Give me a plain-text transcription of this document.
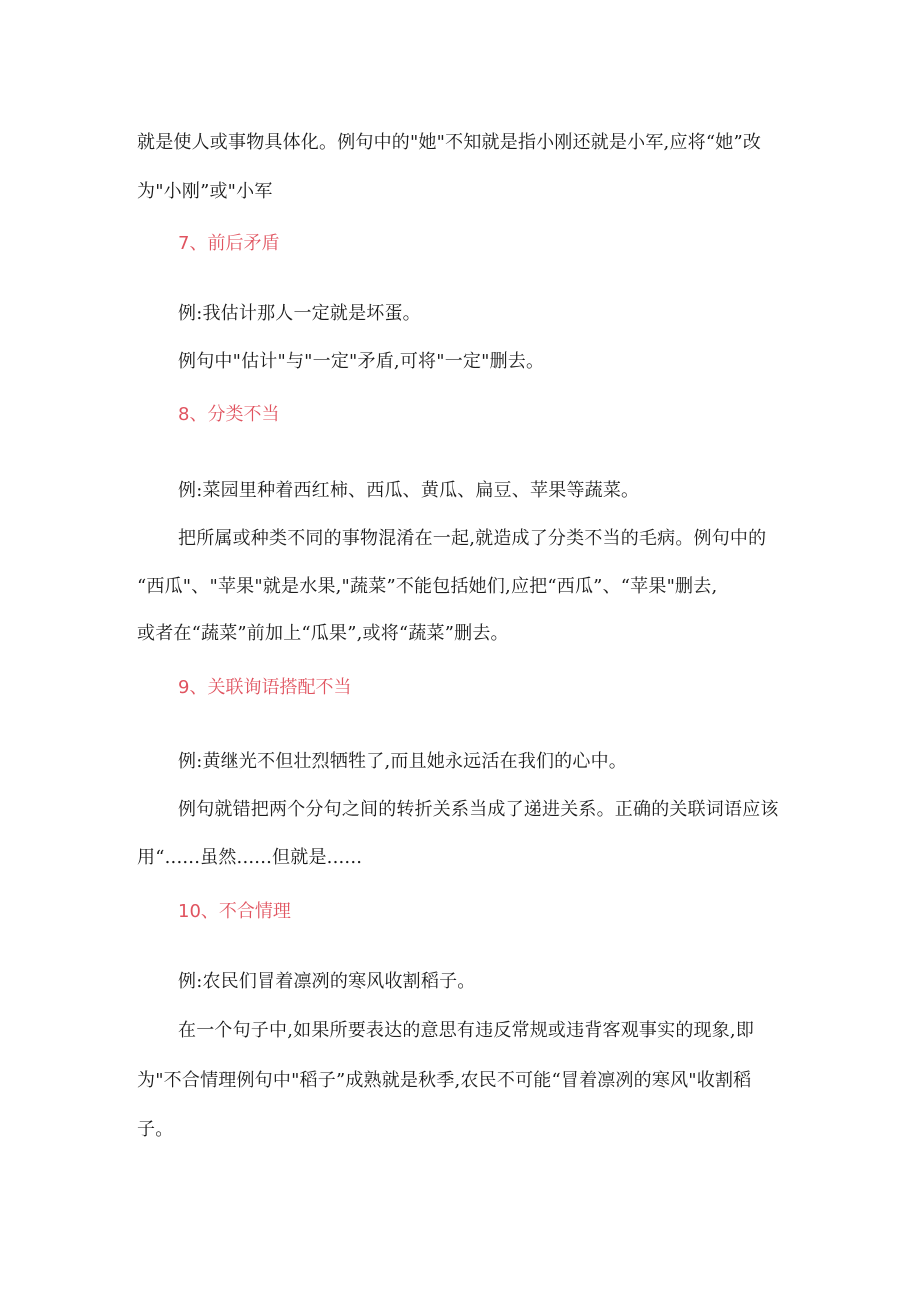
就是使人或事物具体化。例句中的"她"不知就是指小刚还就是小军,应将“她”改
为"小刚”或"小军
7、前后矛盾
例:我估计那人一定就是坏蛋。
例句中"估计"与"一定"矛盾,可将"一定"删去。
8、分类不当
例:菜园里种着西红柿、西瓜、黄瓜、扁豆、苹果等蔬菜。
把所属或种类不同的事物混淆在一起,就造成了分类不当的毛病。例句中的
“西瓜"、"苹果"就是水果,"蔬菜”不能包括她们,应把“西瓜”、“苹果"删去,
或者在“蔬菜”前加上“瓜果”,或将“蔬菜”删去。
9、关联询语搭配不当
例:黄继光不但壮烈牺牲了,而且她永远活在我们的心中。
例句就错把两个分句之间的转折关系当成了递进关系。正确的关联词语应该
用“......虽然......但就是......
10、不合情理
例:农民们冒着凛冽的寒风收割稻子。
在一个句子中,如果所要表达的意思有违反常规或违背客观事实的现象,即
为"不合情理例句中"稻子”成熟就是秋季,农民不可能“冒着凛冽的寒风"收割稻
子。
